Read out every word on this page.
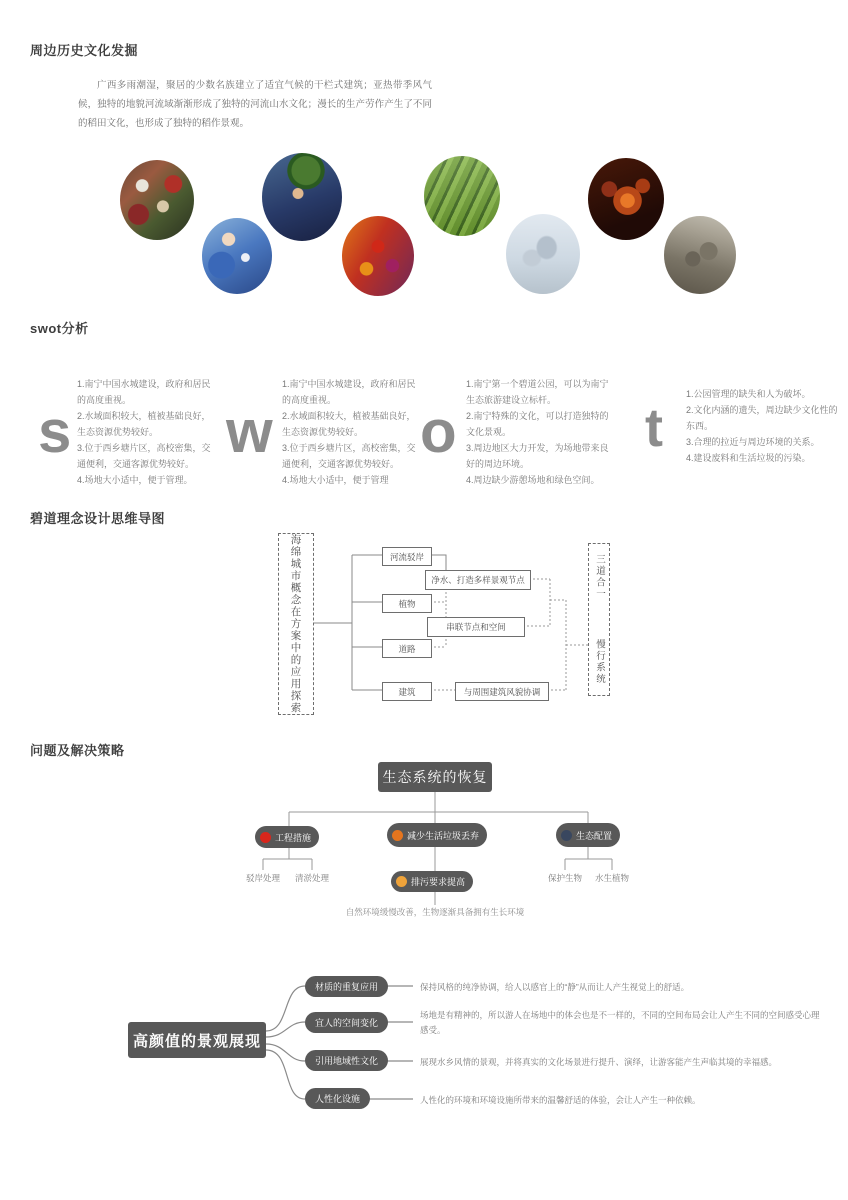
周边历史文化发掘
广西多雨潮湿，聚居的少数名族建立了适宜气候的干栏式建筑；亚热带季风气候，独特的地貌河流域渐渐形成了独特的河流山水文化；漫长的生产劳作产生了不同的稻田文化，也形成了独特的稻作景观。
swot分析
s
1.南宁中国水城建设，政府和居民的高度重视。
2.水域面积较大，植被基础良好，生态资源优势较好。
3.位于西乡塘片区，高校密集，交通便利，交通客源优势较好。
4.场地大小适中，便于管理。
w
1.南宁中国水城建设，政府和居民的高度重视。
2.水域面积较大，植被基础良好，生态资源优势较好。
3.位于西乡塘片区，高校密集，交通便利，交通客源优势较好。
4.场地大小适中，便于管理
o
1.南宁第一个碧道公园，可以为南宁生态旅游建设立标杆。
2.南宁特殊的文化，可以打造独特的文化景观。
3.周边地区大力开发，为场地带来良好的周边环境。
4.周边缺少游憩场地和绿色空间。
t
1.公园管理的缺失和人为破坏。
2.文化内涵的遗失，周边缺少文化性的东西。
3.合理的拉近与周边环境的关系。
4.建设废料和生活垃圾的污染。
碧道理念设计思维导图
海绵城市概念在方案中的应用探索	河流驳岸
植物
道路
建筑
净水、打造多样景观节点
串联节点和空间
与周围建筑风貌协调
三道合一
慢行系统
问题及解决策略
生态系统的恢复
工程措施	减少生活垃圾丢弃	生态配置
驳岸处理 清淤处理	排污要求提高	保护生物 水生植物
自然环境缓慢改善，生物逐渐具备拥有生长环境
高颜值的景观展现
材质的重复应用
宜人的空间变化
引用地域性文化
人性化设施
保持风格的纯净协调，给人以感官上的“静”从而让人产生视觉上的舒适。
场地是有精神的，所以游人在场地中的体会也是不一样的，不同的空间布局会让人产生不同的空间感受心理感受。
展现水乡风情的景观，并将真实的文化场景进行提升、演绎，让游客能产生声临其境的幸福感。
人性化的环境和环境设施所带来的温馨舒适的体验，会让人产生一种依赖。
